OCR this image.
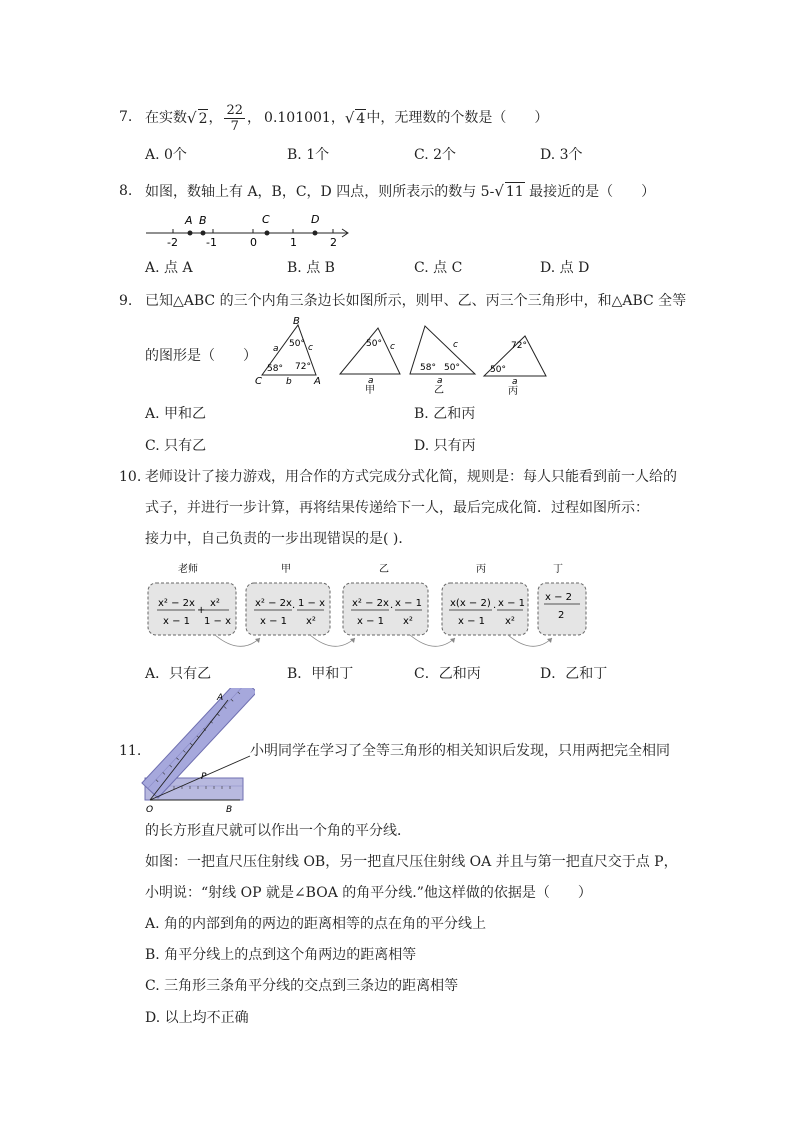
7. 在实数 √ 2 ， $\frac{22}{7}$ ， 0.101001 ， √ 4 中，无理数的个数是（　　）
A. 0个	B. 1个	C. 2个	D. 3个
8. 如图，数轴上有 A，B，C，D 四点，则所表示的数与 5-√ 11 最接近的是（　　）
-2	-1	0	1	2
A B	C	D
A. 点 A	B. 点 B	C. 点 C	D. 点 D
9. 已知△ABC 的三个内角三条边长如图所示，则甲、乙、丙三个三角形中，和△ABC 全等
的图形是（　　）
B
C	A
a
b
c
50°
58° 72°
50° c
a
甲
c
58° 50°
a
乙
72°
50°
a
丙
A. 甲和乙	B. 乙和丙
C. 只有乙	D. 只有丙
10. 老师设计了接力游戏，用合作的方式完成分式化简，规则是：每人只能看到前一人给的
式子，并进行一步计算，再将结果传递给下一人，最后完成化简．过程如图所示：
接力中，自己负责的一步出现错误的是( )．
老师	甲	乙	丙	丁
x² − 2x
x − 1
+
x²
1 − x
x² − 2x
x − 1
· 1 − x
x²
x² − 2x
x − 1
· x − 1
x²
x(x − 2)
x − 1
· x − 1
x²
x − 2
2
A．只有乙	B．甲和丁	C．乙和丙	D．乙和丁
11.
A
O	B
P
小明同学在学习了全等三角形的相关知识后发现，只用两把完全相同
的长方形直尺就可以作出一个角的平分线．
如图：一把直尺压住射线 OB，另一把直尺压住射线 OA 并且与第一把直尺交于点 P，
小明说：“射线 OP 就是∠BOA 的角平分线.”他这样做的依据是（　　）
A. 角的内部到角的两边的距离相等的点在角的平分线上
B. 角平分线上的点到这个角两边的距离相等
C. 三角形三条角平分线的交点到三条边的距离相等
D. 以上均不正确
